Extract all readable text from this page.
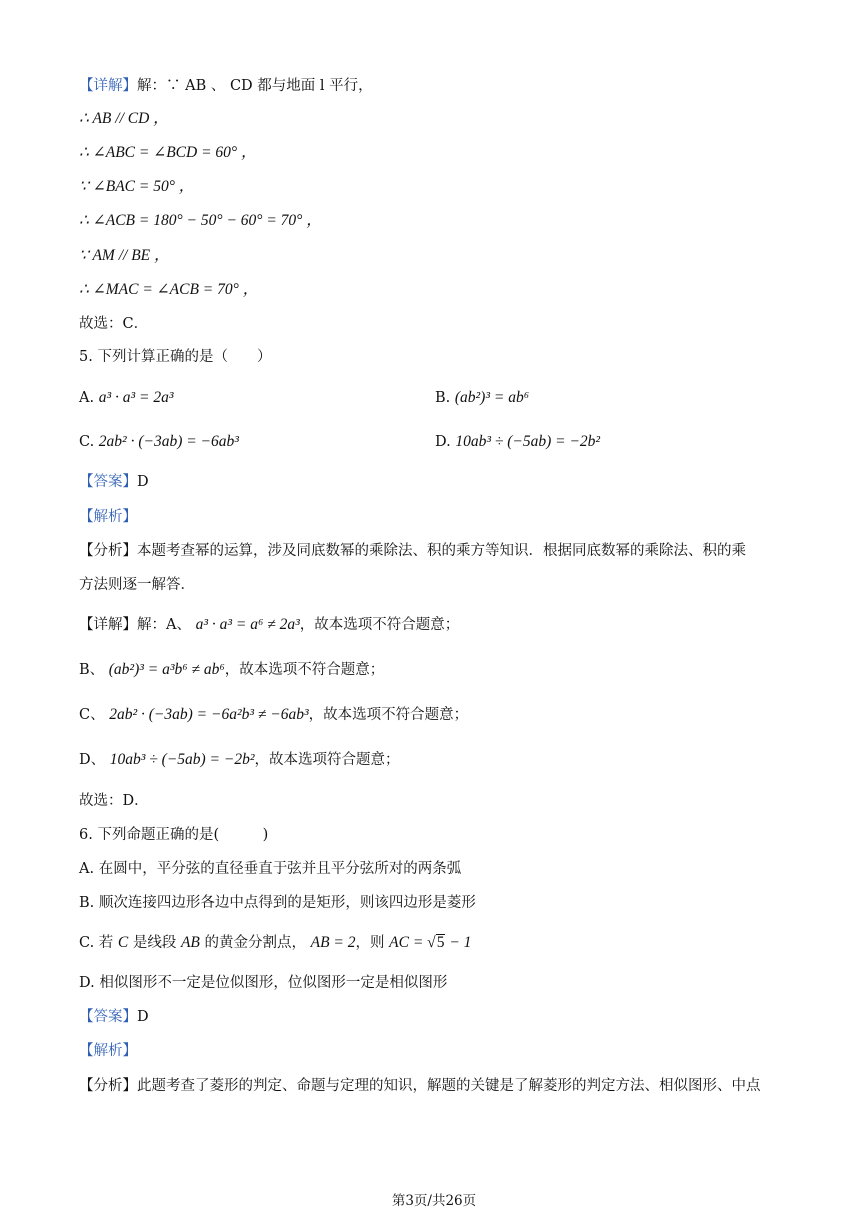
【详解】解：∵ AB 、 CD 都与地面 l 平行，
∴ AB // CD ，
∴ ∠ABC = ∠BCD = 60° ，
∵ ∠BAC = 50° ，
∴ ∠ACB = 180° − 50° − 60° = 70° ，
∵ AM // BE ，
∴ ∠MAC = ∠ACB = 70° ，
故选：C．
5. 下列计算正确的是（　　）
A. a³ · a³ = 2a³	B. (ab²)³ = ab⁶
C. 2ab² · (−3ab) = −6ab³	D. 10ab³ ÷ (−5ab) = −2b²
【答案】D
【解析】
【分析】本题考查幂的运算，涉及同底数幂的乘除法、积的乘方等知识．根据同底数幂的乘除法、积的乘
方法则逐一解答．
【详解】解：A、 a³ · a³ = a⁶ ≠ 2a³，故本选项不符合题意；
B、 (ab²)³ = a³b⁶ ≠ ab⁶，故本选项不符合题意；
C、 2ab² · (−3ab) = −6a²b³ ≠ −6ab³，故本选项不符合题意；
D、 10ab³ ÷ (−5ab) = −2b²，故本选项符合题意；
故选：D．
6. 下列命题正确的是(　　　)
A. 在圆中，平分弦的直径垂直于弦并且平分弦所对的两条弧
B. 顺次连接四边形各边中点得到的是矩形，则该四边形是菱形
C. 若 C 是线段 AB 的黄金分割点， AB = 2，则 AC = √5 − 1
D. 相似图形不一定是位似图形，位似图形一定是相似图形
【答案】D
【解析】
【分析】此题考查了菱形的判定、命题与定理的知识，解题的关键是了解菱形的判定方法、相似图形、中点
第3页/共26页
